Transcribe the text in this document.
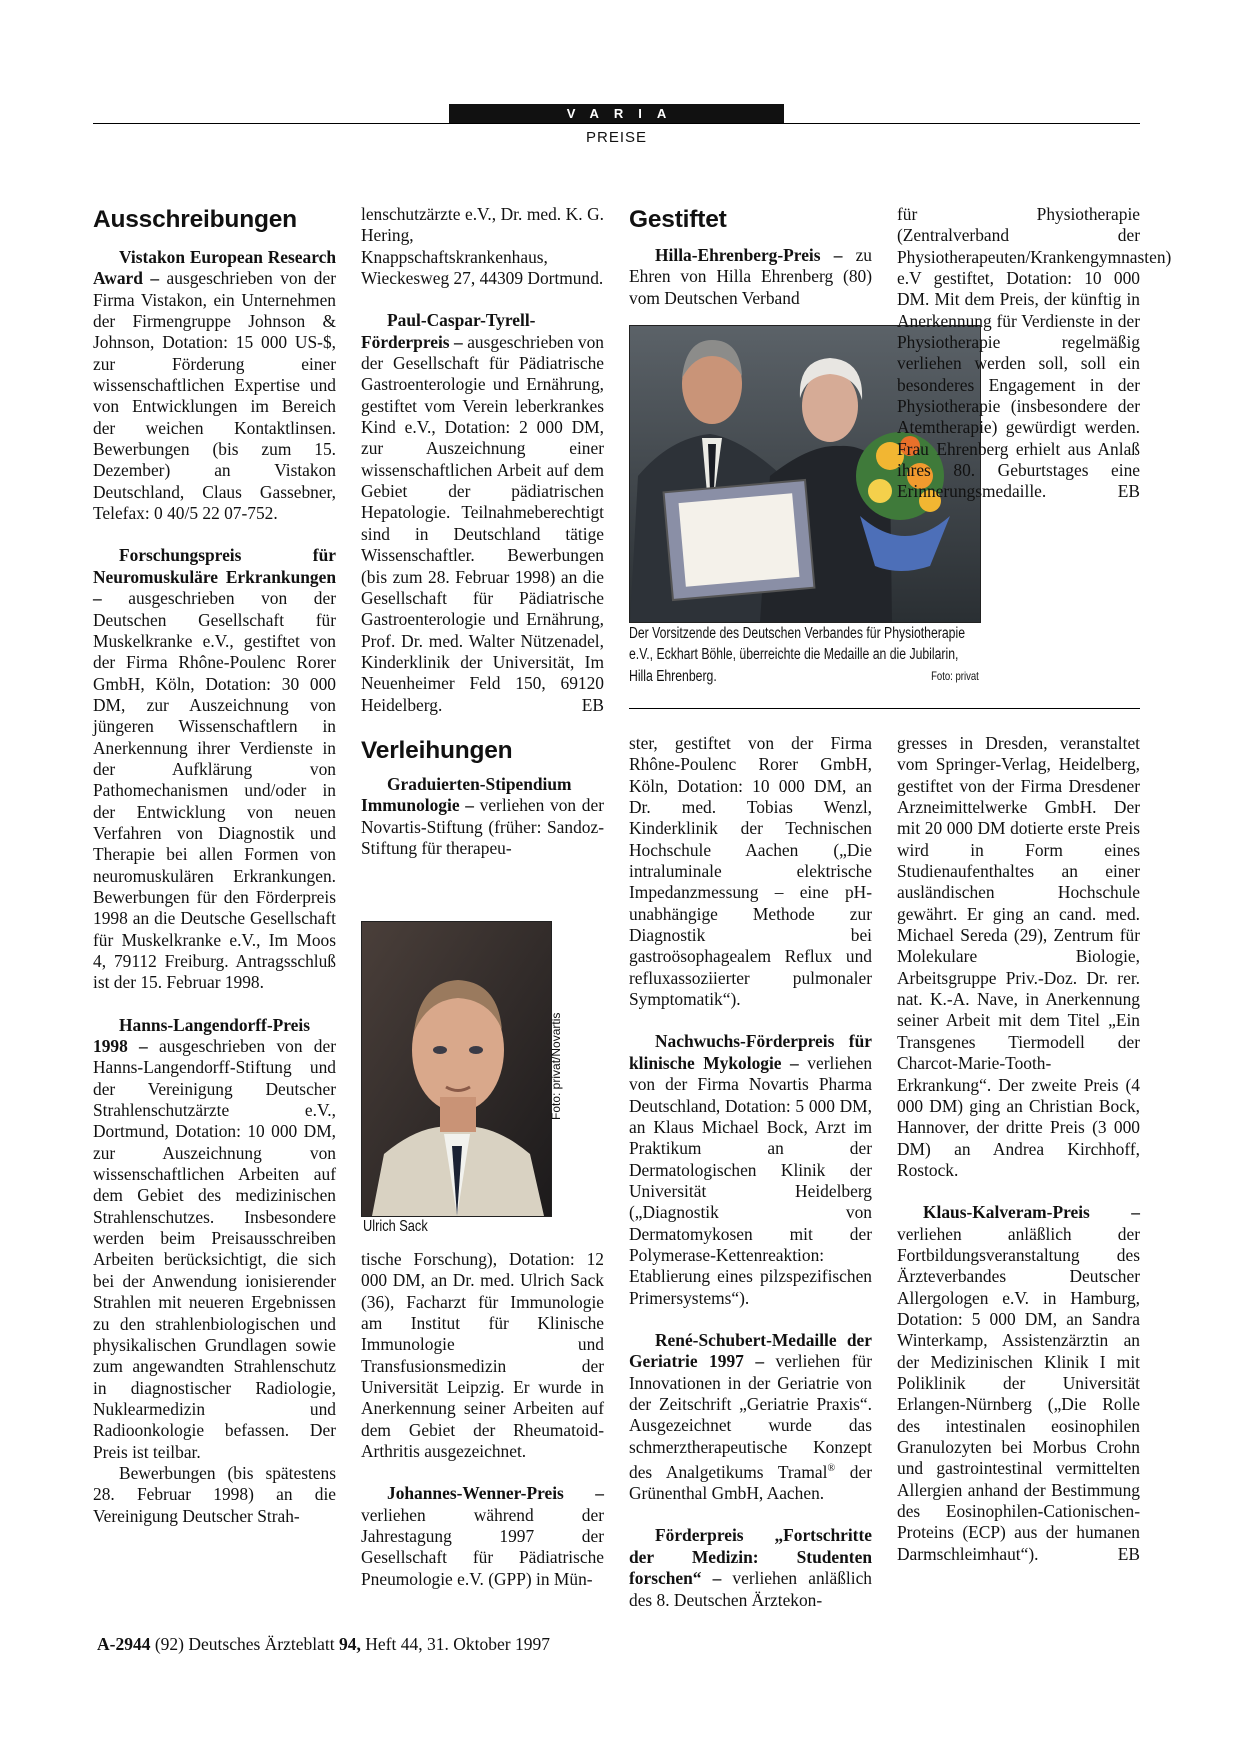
VARIA
PREISE
Ausschreibungen

Vistakon European Research Award – ausgeschrieben von der Firma Vistakon, ein Unternehmen der Firmengruppe Johnson & Johnson, Dotation: 15 000 US-$, zur Förderung einer wissenschaftlichen Expertise und von Entwicklungen im Bereich der weichen Kontaktlinsen. Bewerbungen (bis zum 15. Dezember) an Vistakon Deutschland, Claus Gassebner, Telefax: 0 40/5 22 07-752.

Forschungspreis für Neuromuskuläre Erkrankungen – ausgeschrieben von der Deutschen Gesellschaft für Muskelkranke e.V., gestiftet von der Firma Rhône-Poulenc Rorer GmbH, Köln, Dotation: 30 000 DM, zur Auszeichnung von jüngeren Wissenschaftlern in Anerkennung ihrer Verdienste in der Aufklärung von Pathomechanismen und/oder in der Entwicklung von neuen Verfahren von Diagnostik und Therapie bei allen Formen von neuromuskulären Erkrankungen. Bewerbungen für den Förderpreis 1998 an die Deutsche Gesellschaft für Muskelkranke e.V., Im Moos 4, 79112 Freiburg. Antragsschluß ist der 15. Februar 1998.

Hanns-Langendorff-Preis 1998 – ausgeschrieben von der Hanns-Langendorff-Stiftung und der Vereinigung Deutscher Strahlenschutzärzte e.V., Dortmund, Dotation: 10 000 DM, zur Auszeichnung von wissenschaftlichen Arbeiten auf dem Gebiet des medizinischen Strahlenschutzes. Insbesondere werden beim Preisausschreiben Arbeiten berücksichtigt, die sich bei der Anwendung ionisierender Strahlen mit neueren Ergebnissen zu den strahlenbiologischen und physikalischen Grundlagen sowie zum angewandten Strahlenschutz in diagnostischer Radiologie, Nuklearmedizin und Radioonkologie befassen. Der Preis ist teilbar.

Bewerbungen (bis spätestens 28. Februar 1998) an die Vereinigung Deutscher Strah-

lenschutzärzte e.V., Dr. med. K. G. Hering, Knappschaftskrankenhaus, Wieckesweg 27, 44309 Dortmund.

Paul-Caspar-Tyrell-Förderpreis – ausgeschrieben von der Gesellschaft für Pädiatrische Gastroenterologie und Ernährung, gestiftet vom Verein leberkrankes Kind e.V., Dotation: 2 000 DM, zur Auszeichnung einer wissenschaftlichen Arbeit auf dem Gebiet der pädiatrischen Hepatologie. Teilnahmeberechtigt sind in Deutschland tätige Wissenschaftler. Bewerbungen (bis zum 28. Februar 1998) an die Gesellschaft für Pädiatrische Gastroenterologie und Ernährung, Prof. Dr. med. Walter Nützenadel, Kinderklinik der Universität, Im Neuenheimer Feld 150, 69120 Heidelberg.	EB

Verleihungen

Graduierten-Stipendium Immunologie – verliehen von der Novartis-Stiftung (früher: Sandoz-Stiftung für therapeu-

Foto: privat/Novartis
Ulrich Sack

tische Forschung), Dotation: 12 000 DM, an Dr. med. Ulrich Sack (36), Facharzt für Immunologie am Institut für Klinische Immunologie und Transfusionsmedizin der Universität Leipzig. Er wurde in Anerkennung seiner Arbeiten auf dem Gebiet der Rheumatoid-Arthritis ausgezeichnet.

Johannes-Wenner-Preis – verliehen während der Jahrestagung 1997 der Gesellschaft für Pädiatrische Pneumologie e.V. (GPP) in Mün-

Gestiftet

Hilla-Ehrenberg-Preis – zu Ehren von Hilla Ehrenberg (80) vom Deutschen Verband

Der Vorsitzende des Deutschen Verbandes für Physiotherapie e.V., Eckhart Böhle, überreichte die Medaille an die Jubilarin, Hilla Ehrenberg.	Foto: privat

für Physiotherapie (Zentralverband der Physiotherapeuten/Krankengymnasten) e.V gestiftet, Dotation: 10 000 DM. Mit dem Preis, der künftig in Anerkennung für Verdienste in der Physiotherapie regelmäßig verliehen werden soll, soll ein besonderes Engagement in der Physiotherapie (insbesondere der Atemtherapie) gewürdigt werden. Frau Ehrenberg erhielt aus Anlaß ihres 80. Geburtstages eine Erinnerungsmedaille.	EB

ster, gestiftet von der Firma Rhône-Poulenc Rorer GmbH, Köln, Dotation: 10 000 DM, an Dr. med. Tobias Wenzl, Kinderklinik der Technischen Hochschule Aachen („Die intraluminale elektrische Impedanzmessung – eine pH-unabhängige Methode zur Diagnostik bei gastroösophagealem Reflux und refluxassoziierter pulmonaler Symptomatik“).

Nachwuchs-Förderpreis für klinische Mykologie – verliehen von der Firma Novartis Pharma Deutschland, Dotation: 5 000 DM, an Klaus Michael Bock, Arzt im Praktikum an der Dermatologischen Klinik der Universität Heidelberg („Diagnostik von Dermatomykosen mit der Polymerase-Kettenreaktion: Etablierung eines pilzspezifischen Primersystems“).

René-Schubert-Medaille der Geriatrie 1997 – verliehen für Innovationen in der Geriatrie von der Zeitschrift „Geriatrie Praxis“. Ausgezeichnet wurde das schmerztherapeutische Konzept des Analgetikums Tramal® der Grünenthal GmbH, Aachen.

Förderpreis „Fortschritte der Medizin: Studenten forschen“ – verliehen anläßlich des 8. Deutschen Ärztekon-

gresses in Dresden, veranstaltet vom Springer-Verlag, Heidelberg, gestiftet von der Firma Dresdener Arzneimittelwerke GmbH. Der mit 20 000 DM dotierte erste Preis wird in Form eines Studienaufenthaltes an einer ausländischen Hochschule gewährt. Er ging an cand. med. Michael Sereda (29), Zentrum für Molekulare Biologie, Arbeitsgruppe Priv.-Doz. Dr. rer. nat. K.-A. Nave, in Anerkennung seiner Arbeit mit dem Titel „Ein Transgenes Tiermodell der Charcot-Marie-Tooth-Erkrankung“. Der zweite Preis (4 000 DM) ging an Christian Bock, Hannover, der dritte Preis (3 000 DM) an Andrea Kirchhoff, Rostock.

Klaus-Kalveram-Preis – verliehen anläßlich der Fortbildungsveranstaltung des Ärzteverbandes Deutscher Allergologen e.V. in Hamburg, Dotation: 5 000 DM, an Sandra Winterkamp, Assistenzärztin an der Medizinischen Klinik I mit Poliklinik der Universität Erlangen-Nürnberg („Die Rolle des intestinalen eosinophilen Granulozyten bei Morbus Crohn und gastrointestinal vermittelten Allergien anhand der Bestimmung des Eosinophilen-Cationischen-Proteins (ECP) aus der humanen Darmschleimhaut“).	EB

A-2944 (92) Deutsches Ärzteblatt 94, Heft 44, 31. Oktober 1997
